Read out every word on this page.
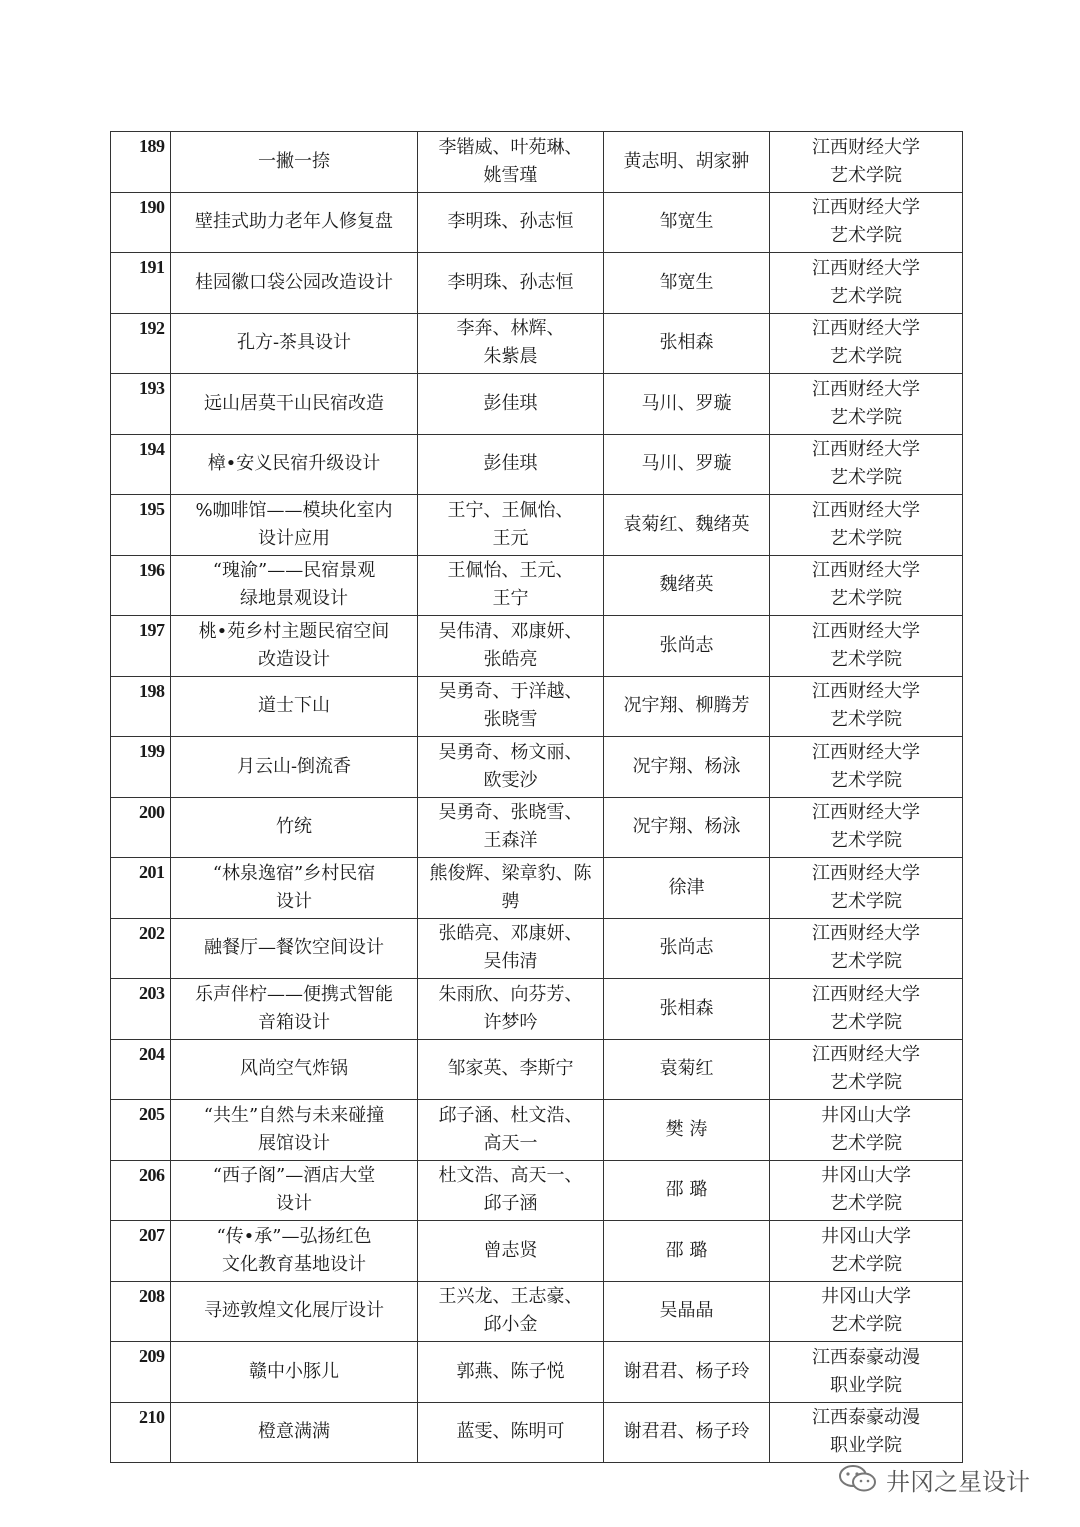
189	一撇一捺	李锴威、叶苑琳、
姚雪瑾	黄志明、胡家翀	江西财经大学
艺术学院

190	壁挂式助力老年人修复盘	李明珠、孙志恒	邹宽生	江西财经大学
艺术学院

191	桂园徽口袋公园改造设计	李明珠、孙志恒	邹宽生	江西财经大学
艺术学院

192	孔方-茶具设计	李奔、林辉、
朱紫晨	张相森	江西财经大学
艺术学院

193	远山居莫干山民宿改造	彭佳琪	马川、罗璇	江西财经大学
艺术学院

194	樟•安义民宿升级设计	彭佳琪	马川、罗璇	江西财经大学
艺术学院

195	%咖啡馆——模块化室内
设计应用	王宁、王佩怡、
王元	袁菊红、魏绪英	江西财经大学
艺术学院

196	“瑰渝”——民宿景观
绿地景观设计	王佩怡、王元、
王宁	魏绪英	江西财经大学
艺术学院

197	桃•苑乡村主题民宿空间
改造设计	吴伟清、邓康妍、
张皓亮	张尚志	江西财经大学
艺术学院

198	道士下山	吴勇奇、于洋越、
张晓雪	况宇翔、柳腾芳	江西财经大学
艺术学院

199	月云山-倒流香	吴勇奇、杨文丽、
欧雯沙	况宇翔、杨泳	江西财经大学
艺术学院

200	竹统	吴勇奇、张晓雪、
王森洋	况宇翔、杨泳	江西财经大学
艺术学院

201	“林泉逸宿”乡村民宿
设计	熊俊辉、梁章豹、陈
骋	徐津	江西财经大学
艺术学院

202	融餐厅—餐饮空间设计	张皓亮、邓康妍、
吴伟清	张尚志	江西财经大学
艺术学院

203	乐声伴柠——便携式智能
音箱设计	朱雨欣、向芬芳、
许梦吟	张相森	江西财经大学
艺术学院

204	风尚空气炸锅	邹家英、李斯宁	袁菊红	江西财经大学
艺术学院

205	“共生”自然与未来碰撞
展馆设计	邱子涵、杜文浩、
高天一	樊 涛	井冈山大学
艺术学院

206	“西子阁”—酒店大堂
设计	杜文浩、高天一、
邱子涵	邵 璐	井冈山大学
艺术学院

207	“传•承”—弘扬红色
文化教育基地设计	曾志贤	邵 璐	井冈山大学
艺术学院

208	寻迹敦煌文化展厅设计	王兴龙、王志豪、
邱小金	吴晶晶	井冈山大学
艺术学院

209	赣中小豚儿	郭燕、陈子悦	谢君君、杨子玲	江西泰豪动漫
职业学院

210	橙意满满	蓝雯、陈明可	谢君君、杨子玲	江西泰豪动漫
职业学院
井冈之星设计
